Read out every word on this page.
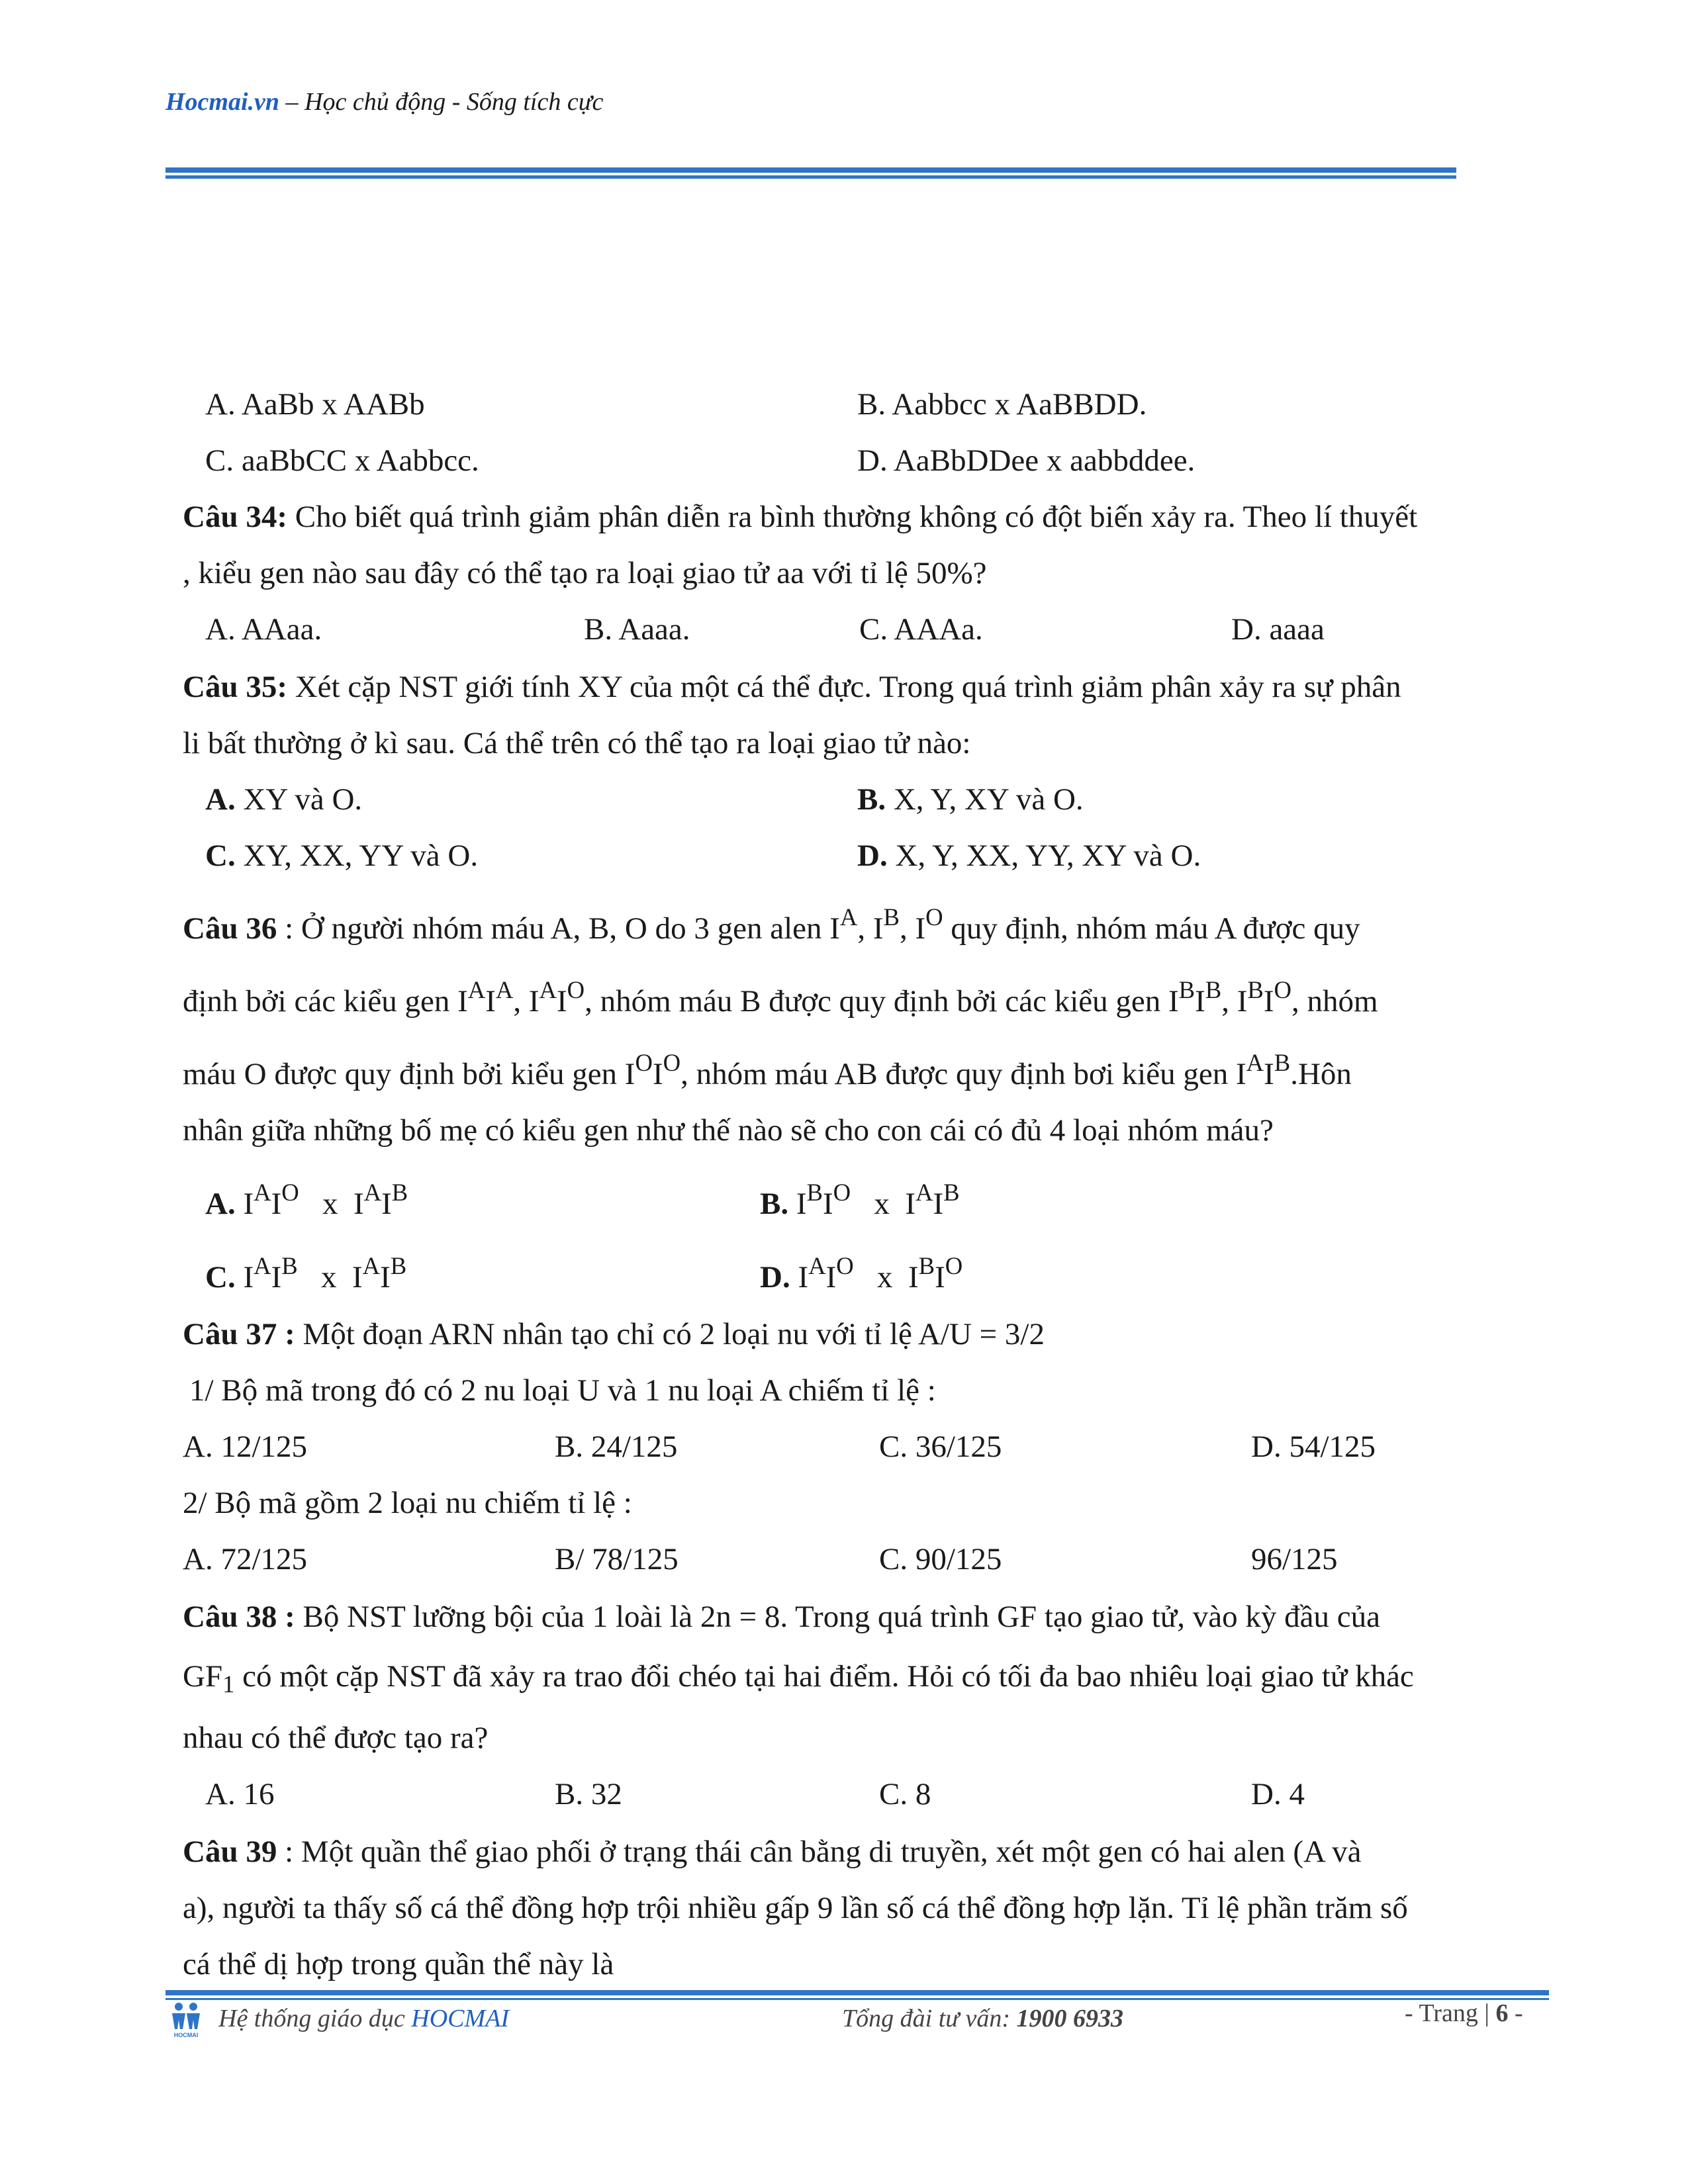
Hocmai.vn – Học chủ động - Sống tích cực
A. AaBb x AABb	B. Aabbcc x AaBBDD.
C. aaBbCC x Aabbcc.	D. AaBbDDee x aabbddee.
Câu 34: Cho biết quá trình giảm phân diễn ra bình thường không có đột biến xảy ra. Theo lí thuyết
, kiểu gen nào sau đây có thể tạo ra loại giao tử aa với tỉ lệ 50%?
A. AAaa.	B. Aaaa.	C. AAAa.	D. aaaa
Câu 35: Xét cặp NST giới tính XY của một cá thể đực. Trong quá trình giảm phân xảy ra sự phân
li bất thường ở kì sau. Cá thể trên có thể tạo ra loại giao tử nào:
A. XY và O.	B. X, Y, XY và O.
C. XY, XX, YY và O.	D. X, Y, XX, YY, XY và O.
Câu 36 : Ở người nhóm máu A, B, O do 3 gen alen $I^A$, $I^B$, $I^O$ quy định, nhóm máu A được quy
định bởi các kiểu gen $I^AI^A$, $I^AI^O$, nhóm máu B được quy định bởi các kiểu gen $I^BI^B$, $I^BI^O$, nhóm
máu O được quy định bởi kiểu gen $I^OI^O$, nhóm máu AB được quy định bơi kiểu gen $I^AI^B.Hôn$
nhân giữa những bố mẹ có kiểu gen như thế nào sẽ cho con cái có đủ 4 loại nhóm máu?
A. $I^AI^O$ x $I^AI^B$	B. $I^BI^O$ x $I^AI^B$
C. $I^AI^B$ x $I^AI^B$	D. $I^AI^O$ x $I^BI^O$
Câu 37 : Một đoạn ARN nhân tạo chỉ có 2 loại nu với tỉ lệ A/U = 3/2
1/ Bộ mã trong đó có 2 nu loại U và 1 nu loại A chiếm tỉ lệ :
A. 12/125	B. 24/125	C. 36/125	D. 54/125
2/ Bộ mã gồm 2 loại nu chiếm tỉ lệ :
A. 72/125	B/ 78/125	C. 90/125	96/125
Câu 38 : Bộ NST lưỡng bội của 1 loài là 2n = 8. Trong quá trình GF tạo giao tử, vào kỳ đầu của
$GF_1$ có một cặp NST đã xảy ra trao đổi chéo tại hai điểm. Hỏi có tối đa bao nhiêu loại giao tử khác
nhau có thể được tạo ra?
A. 16	B. 32	C. 8	D. 4
Câu 39 : Một quần thể giao phối ở trạng thái cân bằng di truyền, xét một gen có hai alen (A và
a), người ta thấy số cá thể đồng hợp trội nhiều gấp 9 lần số cá thể đồng hợp lặn. Tỉ lệ phần trăm số
cá thể dị hợp trong quần thể này là
HOCMAI
Hệ thống giáo dục HOCMAI	Tổng đài tư vấn: 1900 6933	- Trang | 6 -
